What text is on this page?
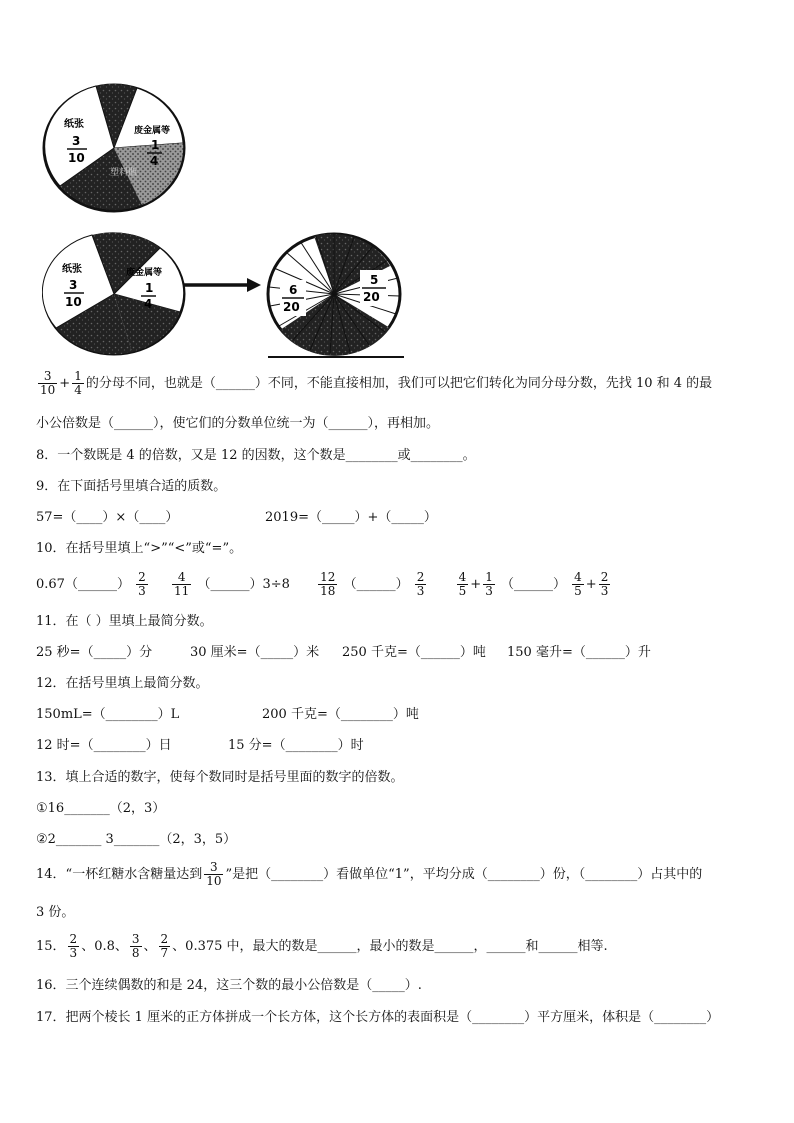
纸张
3
10
废金属等
1
4
塑料瓶
纸张
3
10
废金属等
1
4
6
20
5
20
$\frac{3}{10} + \frac{1}{4}$ 的分母不同，也就是（______）不同，不能直接相加，我们可以把它们转化为同分母分数，先找 10 和 4 的最
小公倍数是（______），使它们的分数单位统一为（______），再相加。
8．一个数既是 4 的倍数，又是 12 的因数，这个数是________或________。
9．在下面括号里填合适的质数。
57=（____）×（____）	2019=（_____）+（_____）
10．在括号里填上“>”“<”或“=”。
0.67（______） $\frac{2}{3}$
$\frac{4}{11}$ （______）3÷8 $\frac{12}{18}$ （______） $\frac{2}{3}$
	$\frac{4}{5} + \frac{1}{3}$ （______） $\frac{4}{5} + \frac{2}{3}$
11．在（ ）里填上最简分数。
25 秒=（_____）分	30 厘米=（_____）米 250 千克=（______）吨 150 毫升=（______）升
12．在括号里填上最简分数。
150mL=（________）L	200 千克=（________）吨
12 时=（________）日	15 分=（________）时
13．填上合适的数字，使每个数同时是括号里面的数字的倍数。
①16_______（2，3）
②2_______ 3_______（2，3，5）
14．“一杯红糖水含糖量达到 $\frac{3}{10}$ ”是把（________）看做单位“1”，平均分成（________）份，（________）占其中的
3 份。
15． $\frac{2}{3}$ 、0.8、 $\frac{3}{8}$ 、 $\frac{2}{7}$ 、0.375 中，最大的数是______，最小的数是______，______和______相等.
16．三个连续偶数的和是 24，这三个数的最小公倍数是（_____）.
17．把两个棱长 1 厘米的正方体拼成一个长方体，这个长方体的表面积是（________）平方厘米，体积是（________）
